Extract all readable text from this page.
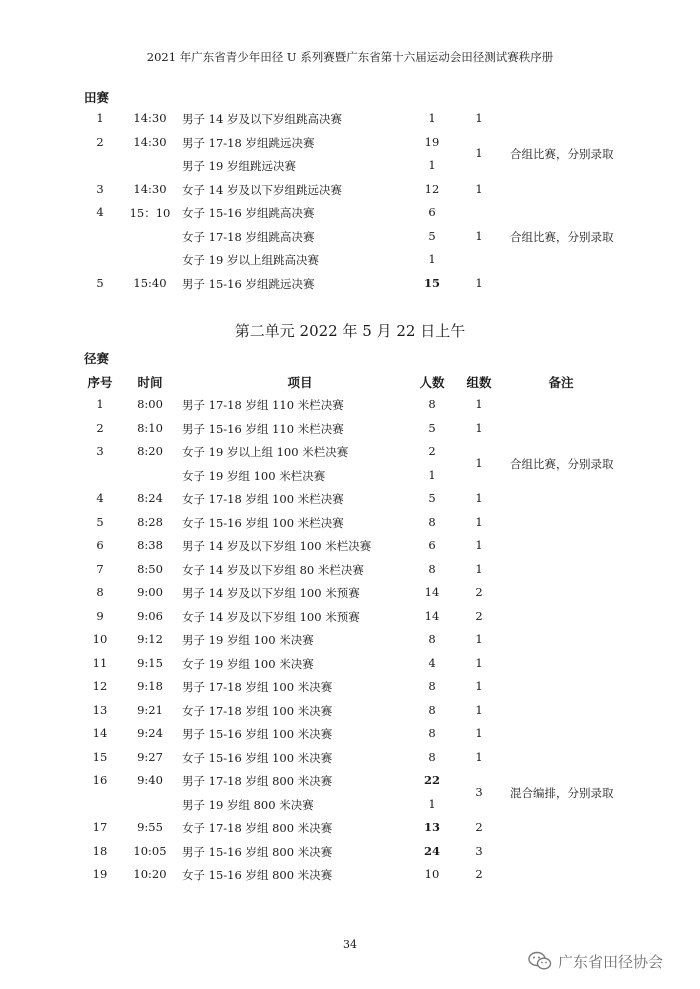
2021 年广东省青少年田径 U 系列赛暨广东省第十六届运动会田径测试赛秩序册
田赛
1	14:30	男子 14 岁及以下岁组跳高决赛	1	1
2	14:30	男子 17-18 岁组跳远决赛	19
男子 19 岁组跳远决赛	1
1	合组比赛，分别录取
3	14:30	女子 14 岁及以下岁组跳远决赛	12	1
4	15：10	女子 15-16 岁组跳高决赛	6
女子 17-18 岁组跳高决赛	5
女子 19 岁以上组跳高决赛	1
1	合组比赛，分别录取
5	15:40	男子 15-16 岁组跳远决赛	15	1
第二单元 2022 年 5 月 22 日上午
径赛
序号	时间	项目	人数	组数	备注
1	8:00	男子 17-18 岁组 110 米栏决赛	8	1
2	8:10	男子 15-16 岁组 110 米栏决赛	5	1
3	8:20	女子 19 岁以上组 100 米栏决赛	2
女子 19 岁组 100 米栏决赛	1
1	合组比赛，分别录取
4	8:24	女子 17-18 岁组 100 米栏决赛	5	1
5	8:28	女子 15-16 岁组 100 米栏决赛	8	1
6	8:38	男子 14 岁及以下岁组 100 米栏决赛	6	1
7	8:50	女子 14 岁及以下岁组 80 米栏决赛	8	1
8	9:00	男子 14 岁及以下岁组 100 米预赛	14	2
9	9:06	女子 14 岁及以下岁组 100 米预赛	14	2
10	9:12	男子 19 岁组 100 米决赛	8	1
11	9:15	女子 19 岁组 100 米决赛	4	1
12	9:18	男子 17-18 岁组 100 米决赛	8	1
13	9:21	女子 17-18 岁组 100 米决赛	8	1
14	9:24	男子 15-16 岁组 100 米决赛	8	1
15	9:27	女子 15-16 岁组 100 米决赛	8	1
16	9:40	男子 17-18 岁组 800 米决赛	22
男子 19 岁组 800 米决赛	1
3	混合编排，分别录取
17	9:55	女子 17-18 岁组 800 米决赛	13	2
18	10:05	男子 15-16 岁组 800 米决赛	24	3
19	10:20	女子 15-16 岁组 800 米决赛	10	2
34
广东省田径协会
